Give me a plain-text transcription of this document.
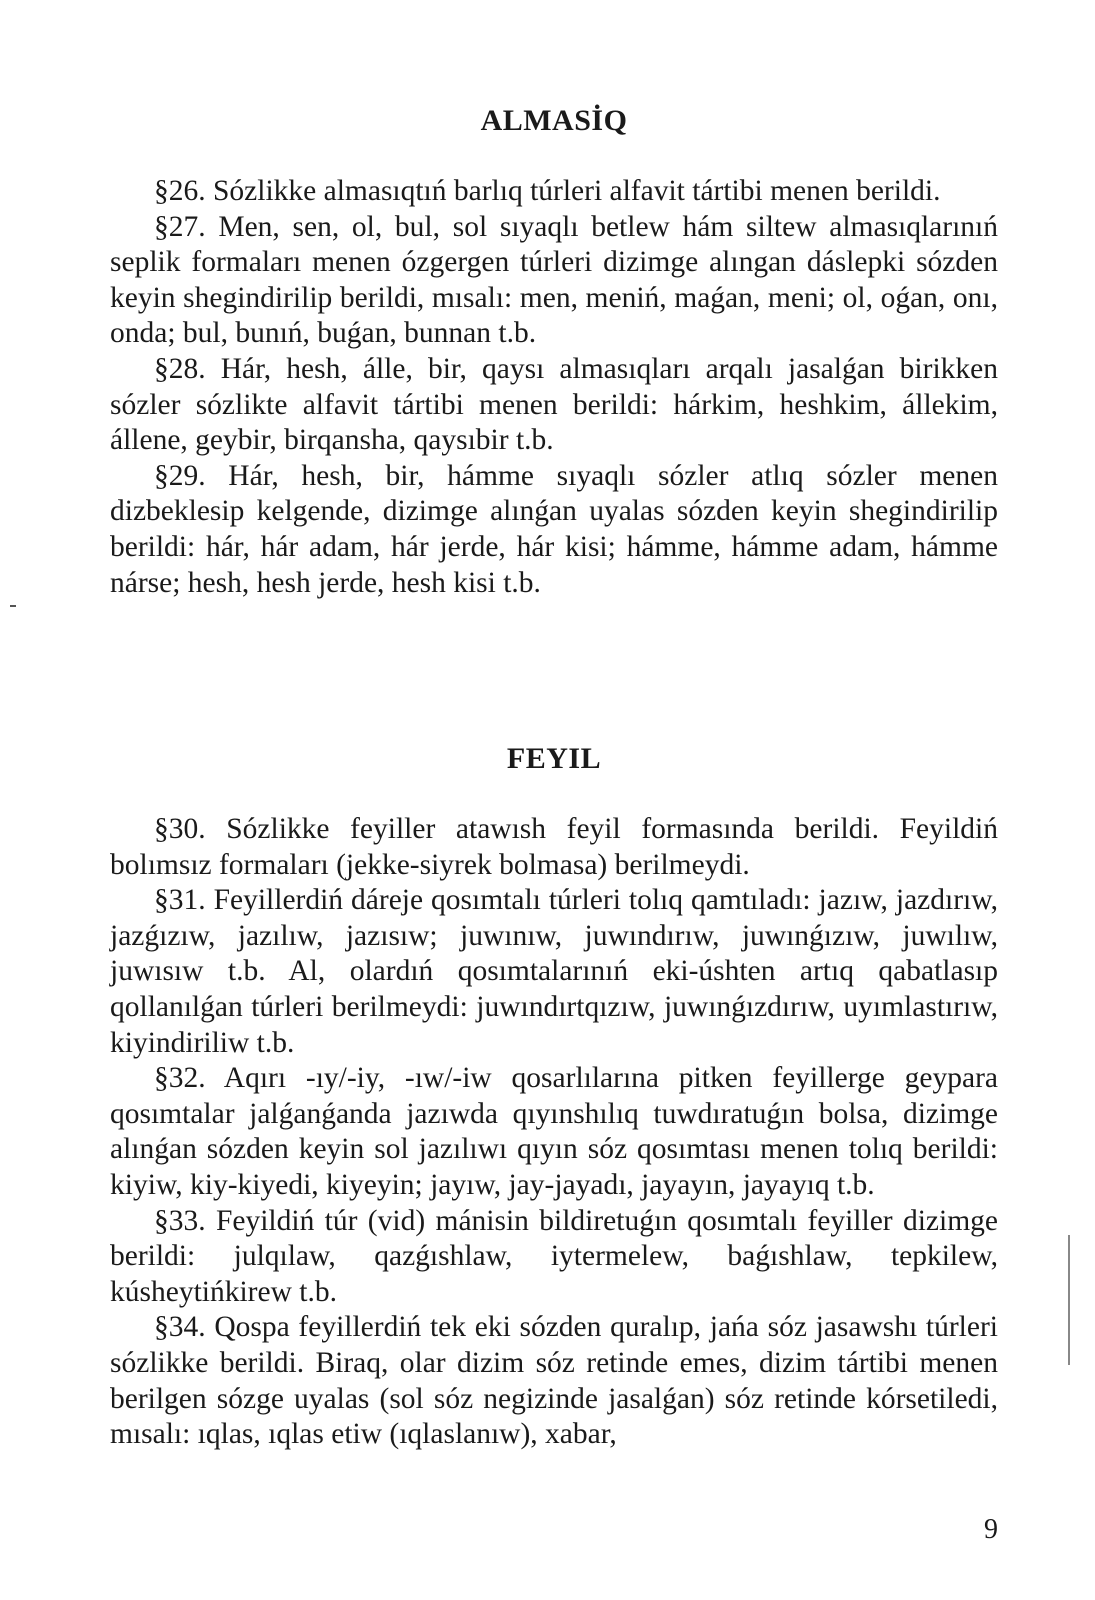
ALMASİQ

§26. Sózlikke almasıqtıń barlıq túrleri alfavit tártibi menen berildi.

§27. Men, sen, ol, bul, sol sıyaqlı betlew hám siltew almasıqlarınıń seplik formaları menen ózgergen túrleri dizimge alıngan dáslepki sózden keyin shegindirilip berildi, mısalı: men, meniń, maǵan, meni; ol, oǵan, onı, onda; bul, bunıń, buǵan, bunnan t.b.

§28. Hár, hesh, álle, bir, qaysı almasıqları arqalı jasalǵan birikken sózler sózlikte alfavit tártibi menen berildi: hárkim, heshkim, állekim, állene, geybir, birqansha, qaysıbir t.b.

§29. Hár, hesh, bir, hámme sıyaqlı sózler atlıq sózler menen dizbeklesip kelgende, dizimge alınǵan uyalas sózden keyin shegindirilip berildi: hár, hár adam, hár jerde, hár kisi; hámme, hámme adam, hámme nárse; hesh, hesh jerde, hesh kisi t.b.

FEYIL

§30. Sózlikke feyiller atawısh feyil formasında berildi. Feyildiń bolımsız formaları (jekke-siyrek bolmasa) berilmeydi.

§31. Feyillerdiń dáreje qosımtalı túrleri tolıq qamtıladı: jazıw, jazdırıw, jazǵızıw, jazılıw, jazısıw; juwınıw, juwındırıw, juwınǵızıw, juwılıw, juwısıw t.b. Al, olardıń qosımtalarınıń eki-úshten artıq qabatlasıp qollanılǵan túrleri berilmeydi: juwındırtqızıw, juwınǵızdırıw, uyımlastırıw, kiyindiriliw t.b.

§32. Aqırı -ıy/-iy, -ıw/-iw qosarlılarına pitken feyillerge geypara qosımtalar jalǵanǵanda jazıwda qıyınshılıq tuwdıratuǵın bolsa, dizimge alınǵan sózden keyin sol jazılıwı qıyın sóz qosımtası menen tolıq berildi: kiyiw, kiy-kiyedi, kiyeyin; jayıw, jay-jayadı, jayayın, jayayıq t.b.

§33. Feyildiń túr (vid) mánisin bildiretuǵın qosımtalı feyiller dizimge berildi: julqılaw, qazǵıshlaw, iytermelew, baǵıshlaw, tepkilew, kúsheytińkirew t.b.

§34. Qospa feyillerdiń tek eki sózden quralıp, jańa sóz jasawshı túrleri sózlikke berildi. Biraq, olar dizim sóz retinde emes, dizim tártibi menen berilgen sózge uyalas (sol sóz negizinde jasalǵan) sóz retinde kórsetiledi, mısalı: ıqlas, ıqlas etiw (ıqlaslanıw), xabar,

9
